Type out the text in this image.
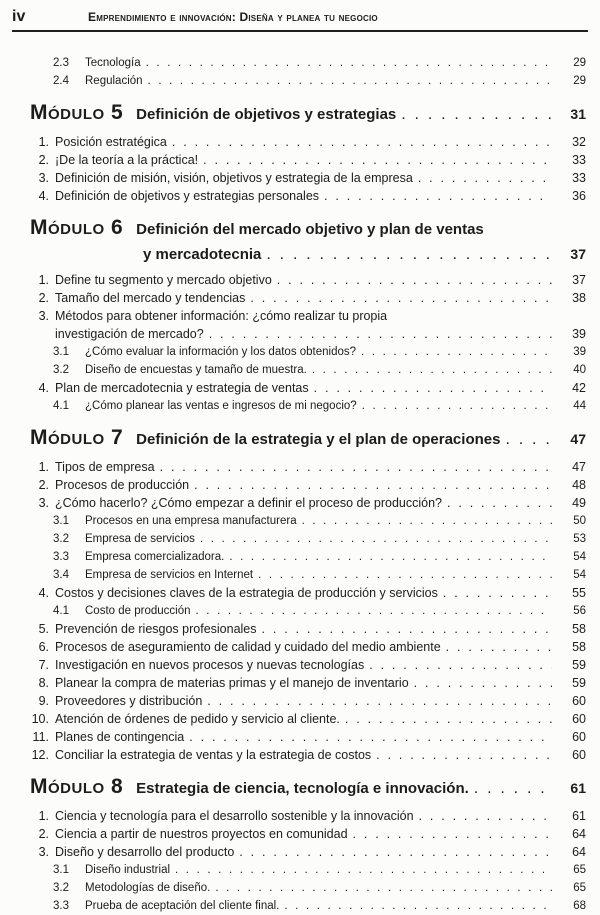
iv	Emprendimiento e innovación: Diseña y planea tu negocio
2.3	Tecnología . . .	29
2.4	Regulación . . .	29
Módulo 5 Definición de objetivos y estrategias . . .	31
1. Posición estratégica . . .	32
2. ¡De la teoría a la práctica! . . .	33
3. Definición de misión, visión, objetivos y estrategia de la empresa . . .	33
4. Definición de objetivos y estrategias personales . . .	36
Módulo 6 Definición del mercado objetivo y plan de ventas
y mercadotecnia . . .	37
1. Define tu segmento y mercado objetivo . . .	37
2. Tamaño del mercado y tendencias . . .	38
3. Métodos para obtener información: ¿cómo realizar tu propia
investigación de mercado? . . .	39
3.1	¿Cómo evaluar la información y los datos obtenidos? . . .	39
3.2	Diseño de encuestas y tamaño de muestra. . . .	40
4. Plan de mercadotecnia y estrategia de ventas . . .	42
4.1	¿Cómo planear las ventas e ingresos de mi negocio? . . .	44
Módulo 7 Definición de la estrategia y el plan de operaciones . . .	47
1. Tipos de empresa . . .	47
2. Procesos de producción . . .	48
3. ¿Cómo hacerlo? ¿Cómo empezar a definir el proceso de producción? . . .	49
3.1	Procesos en una empresa manufacturera . . .	50
3.2	Empresa de servicios . . .	53
3.3	Empresa comercializadora. . . .	54
3.4	Empresa de servicios en Internet . . .	54
4. Costos y decisiones claves de la estrategia de producción y servicios . . .	55
4.1	Costo de producción . . .	56
5. Prevención de riesgos profesionales . . .	58
6. Procesos de aseguramiento de calidad y cuidado del medio ambiente . . .	58
7. Investigación en nuevos procesos y nuevas tecnologías . . .	59
8. Planear la compra de materias primas y el manejo de inventario . . .	59
9. Proveedores y distribución . . .	60
10. Atención de órdenes de pedido y servicio al cliente. . . .	60
11. Planes de contingencia . . .	60
12. Conciliar la estrategia de ventas y la estrategia de costos . . .	60
Módulo 8 Estrategia de ciencia, tecnología e innovación. . . .	61
1. Ciencia y tecnología para el desarrollo sostenible y la innovación . . .	61
2. Ciencia a partir de nuestros proyectos en comunidad . . .	64
3. Diseño y desarrollo del producto . . .	64
3.1	Diseño industrial . . .	65
3.2	Metodologías de diseño. . . .	65
3.3	Prueba de aceptación del cliente final. . . .	68
